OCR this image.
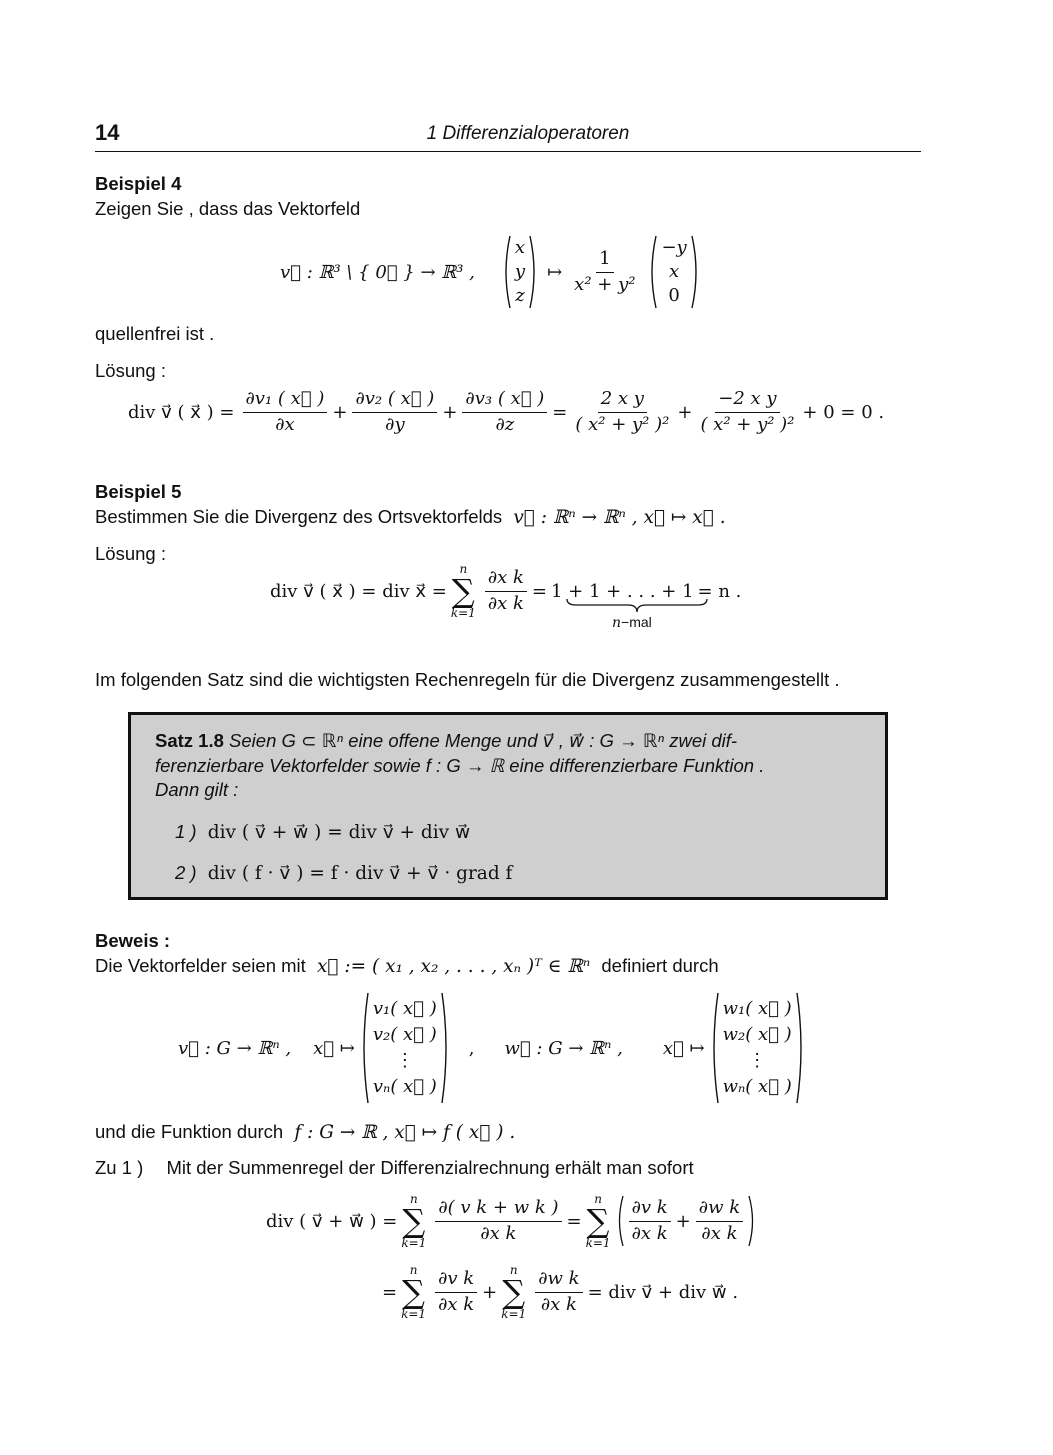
14	1 Differenzialoperatoren
Beispiel 4
Zeigen Sie , dass das Vektorfeld
v⃗ : ℝ³ \ { 0⃗ } → ℝ³ ,
x
y
z
↦ $\frac{1}{\text{x² + y²}}$
−y
x
0
quellenfrei ist .
Lösung :
div v⃗ ( x⃗ ) = $\frac{\text{∂v₁ ( x⃗ )}}{\partial x} + \frac{\text{∂v₂ ( x⃗ )}}{\partial y} + \frac{\text{∂v₃ ( x⃗ )}}{\partial z} = \frac{\text{2 x y}}{\text{( x² + y² )²}} + \frac{\text{−2 x y}}{\text{( x² + y² )²}} + 0 = 0$ .
Beispiel 5
Bestimmen Sie die Divergenz des Ortsvektorfelds v⃗ : ℝⁿ → ℝⁿ , x⃗ ↦ x⃗ .
Lösung :
div v⃗ ( x⃗ ) = div x⃗ =
n
∑
$k=1 \frac{\text{∂x k}}{\text{∂x k}} = 1 + 1$ + . . . + 1 = n .
n−mal
Im folgenden Satz sind die wichtigsten Rechenregeln für die Divergenz zusammengestellt .
Satz 1.8 Seien G ⊂ ℝⁿ eine offene Menge und v⃗ , w⃗ : G → ℝⁿ zwei dif-
ferenzierbare Vektorfelder sowie f : G → ℝ eine differenzierbare Funktion .
Dann gilt :
1 ) div ( v⃗ + w⃗ ) = div v⃗ + div w⃗
2 ) div ( f · v⃗ ) = f · div v⃗ + v⃗ · grad f
Beweis :
Die Vektorfelder seien mit x⃗ := ( x₁ , x₂ , . . . , xₙ )ᵀ ∈ ℝⁿ definiert durch
v⃗ : G → ℝⁿ , x⃗ ↦
v₁( x⃗ )
v₂( x⃗ )
⋮
vₙ( x⃗ )
, w⃗ : G → ℝⁿ , x⃗ ↦
w₁( x⃗ )
w₂( x⃗ )
⋮
wₙ( x⃗ )
und die Funktion durch f : G → ℝ , x⃗ ↦ f ( x⃗ ) .
Zu 1 ) Mit der Summenregel der Differenzialrechnung erhält man sofort
div ( v⃗ + w⃗ ) =
n
∑
$k=1 \frac{\text{∂( v k + w k )}}{\text{∂x k}}$ =
n
∑
$k=1 \frac{\text{∂v k}}{\text{∂x k}} + \frac{\text{∂w k}}{\text{∂x k}}$
=
n
∑
$k=1 \frac{\text{∂v k}}{\text{∂x k}}$ +
n
∑
$k=1 \frac{\text{∂w k}}{\text{∂x k}}$ = div v⃗ + div w⃗ .
